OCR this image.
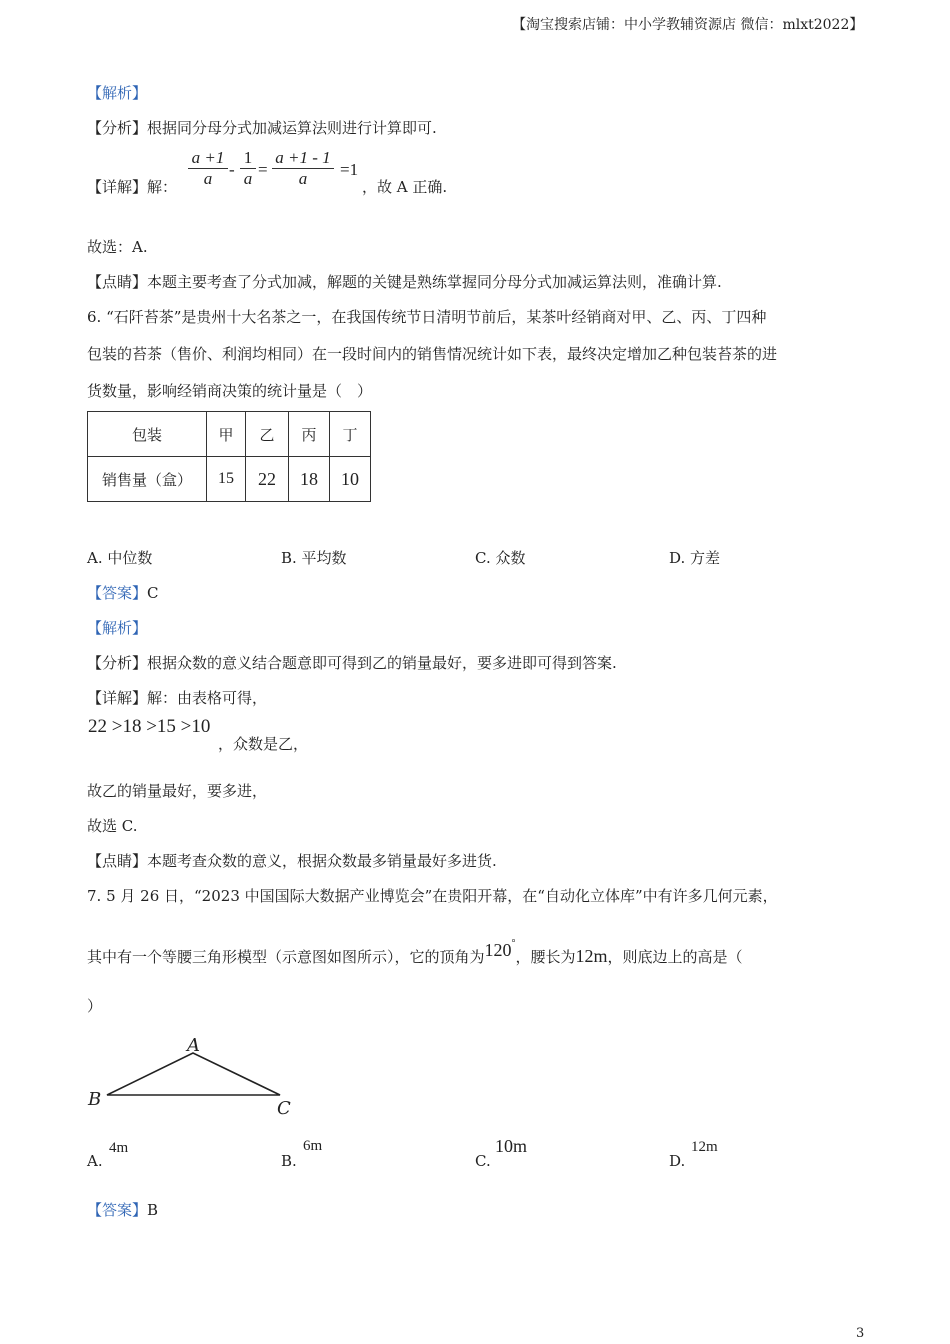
【淘宝搜索店铺：中小学教辅资源店 微信：mlxt2022】
【解析】
【分析】根据同分母分式加减运算法则进行计算即可.
【详解】解： $\frac{a +1}{a} - \frac{1}{a} = \frac{a +1 - 1}{a} =1$
，故 A 正确.
故选：A.
【点睛】本题主要考查了分式加减，解题的关键是熟练掌握同分母分式加减运算法则，准确计算.
6. “石阡苔茶”是贵州十大名茶之一，在我国传统节日清明节前后，某茶叶经销商对甲、乙、丙、丁四种
包装的苔茶（售价、利润均相同）在一段时间内的销售情况统计如下表，最终决定增加乙种包装苔茶的进
货数量，影响经销商决策的统计量是（　）
包装	甲	乙	丙	丁
销售量（盒）	15	22	18	10
A. 中位数	B. 平均数	C. 众数	D. 方差
【答案】C
【解析】
【分析】根据众数的意义结合题意即可得到乙的销量最好，要多进即可得到答案.
【详解】解：由表格可得，
22 >18 >15 >10
，众数是乙，
故乙的销量最好，要多进，
故选 C.
【点睛】本题考查众数的意义，根据众数最多销量最好多进货.
7. 5 月 26 日，“2023 中国国际大数据产业博览会”在贵阳开幕，在“自动化立体库”中有许多几何元素，
其中有一个等腰三角形模型（示意图如图所示），它的顶角为120°，腰长为12m，则底边上的高是（
）
A
B	C
A.
4m
B.
6m
C.
10m
D.
12m
【答案】B
3
